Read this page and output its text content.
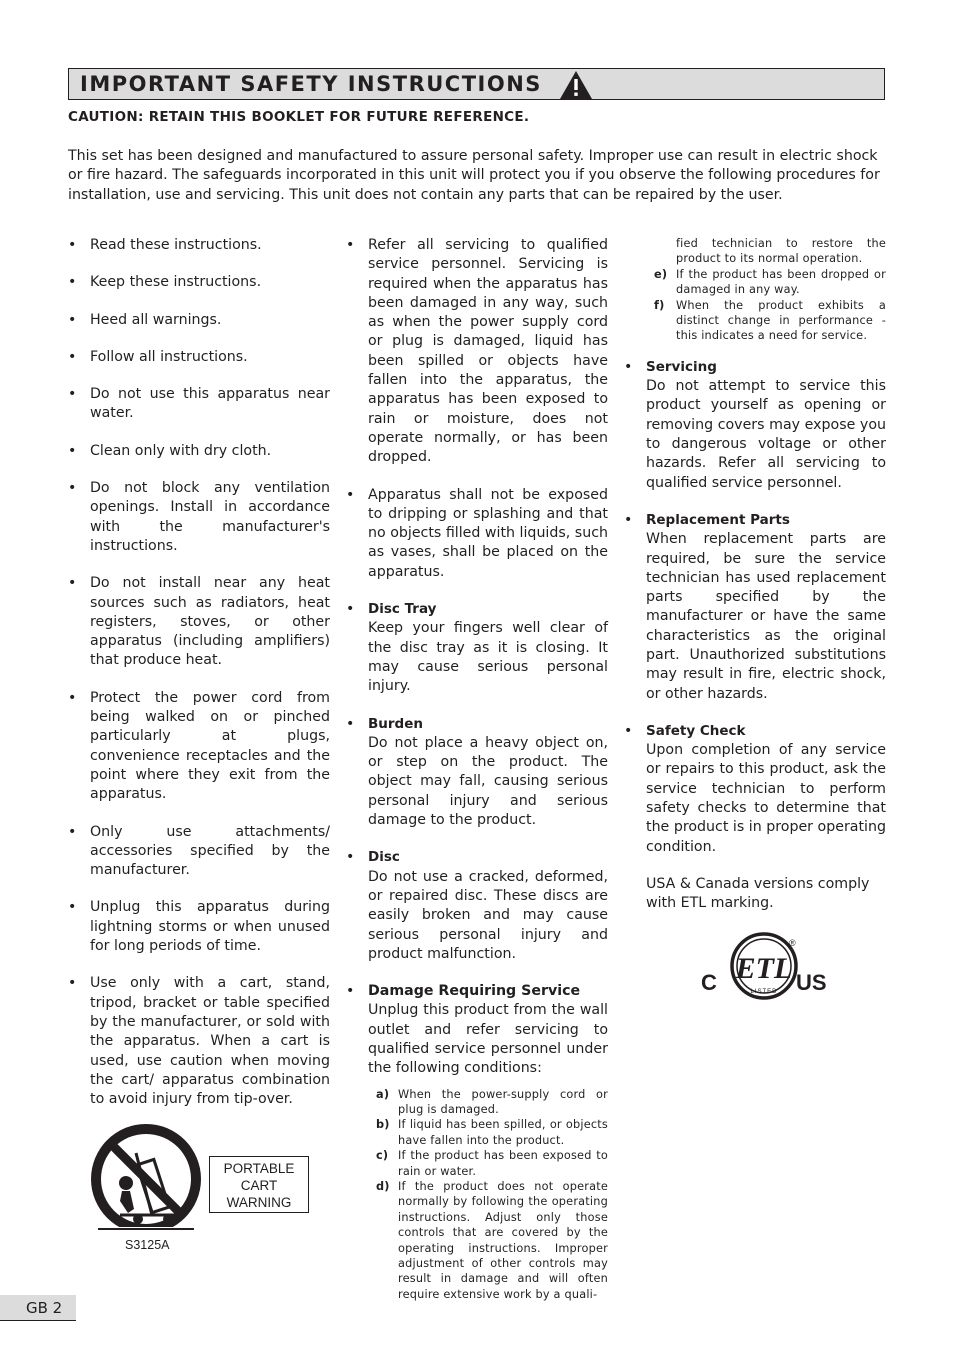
IMPORTANT SAFETY INSTRUCTIONS
CAUTION: RETAIN THIS BOOKLET FOR FUTURE REFERENCE.

This set has been designed and manufactured to assure personal safety. Improper use can result in electric shock or fire hazard. The safeguards incorporated in this unit will protect you if you observe the following procedures for installation, use and servicing. This unit does not contain any parts that can be repaired by the user.

• Read these instructions.

• Keep these instructions.

• Heed all warnings.

• Follow all instructions.

• Do not use this apparatus near water.

• Clean only with dry cloth.

• Do not block any ventilation openings. Install in accordance with the manufacturer's instructions.

• Do not install near any heat sources such as radiators, heat registers, stoves, or other apparatus (including amplifiers) that produce heat.

• Protect the power cord from being walked on or pinched particularly at plugs, convenience receptacles and the point where they exit from the apparatus.

• Only use attachments/ accessories specified by the manufacturer.

• Unplug this apparatus during lightning storms or when unused for long periods of time.

• Use only with a cart, stand, tripod, bracket or table specified by the manufacturer, or sold with the apparatus. When a cart is used, use caution when moving the cart/ apparatus combination to avoid injury from tip-over.

• Refer all servicing to qualified service personnel. Servicing is required when the apparatus has been damaged in any way, such as when the power supply cord or plug is damaged, liquid has been spilled or objects have fallen into the apparatus, the apparatus has been exposed to rain or moisture, does not operate normally, or has been dropped.

• Apparatus shall not be exposed to dripping or splashing and that no objects filled with liquids, such as vases, shall be placed on the apparatus.

• Disc Tray
Keep your fingers well clear of the disc tray as it is closing. It may cause serious personal injury.

• Burden
Do not place a heavy object on, or step on the product. The object may fall, causing serious personal injury and serious damage to the product.

• Disc
Do not use a cracked, deformed, or repaired disc. These discs are easily broken and may cause serious personal injury and product malfunction.

• Damage Requiring Service
Unplug this product from the wall outlet and refer servicing to qualified service personnel under the following conditions:

a) When the power-supply cord or plug is damaged.

b) If liquid has been spilled, or objects have fallen into the product.

c) If the product has been exposed to rain or water.

d) If the product does not operate normally by following the operating instructions. Adjust only those controls that are covered by the operating instructions. Improper adjustment of other controls may result in damage and will often require extensive work by a quali-

fied technician to restore the product to its normal operation.

e) If the product has been dropped or damaged in any way.

f) When the product exhibits a distinct change in performance - this indicates a need for service.

• Servicing
Do not attempt to service this product yourself as opening or removing covers may expose you to dangerous voltage or other hazards. Refer all servicing to qualified service personnel.

• Replacement Parts
When replacement parts are required, be sure the service technician has used replacement parts specified by the manufacturer or have the same characteristics as the original part. Unauthorized substitutions may result in fire, electric shock, or other hazards.

• Safety Check
Upon completion of any service or repairs to this product, ask the service technician to perform safety checks to determine that the product is in proper operating condition.

USA & Canada versions comply with ETL marking.

PORTABLE
CART
WARNING
S3125A
C	US
ETL
LISTED
®
GB 2
